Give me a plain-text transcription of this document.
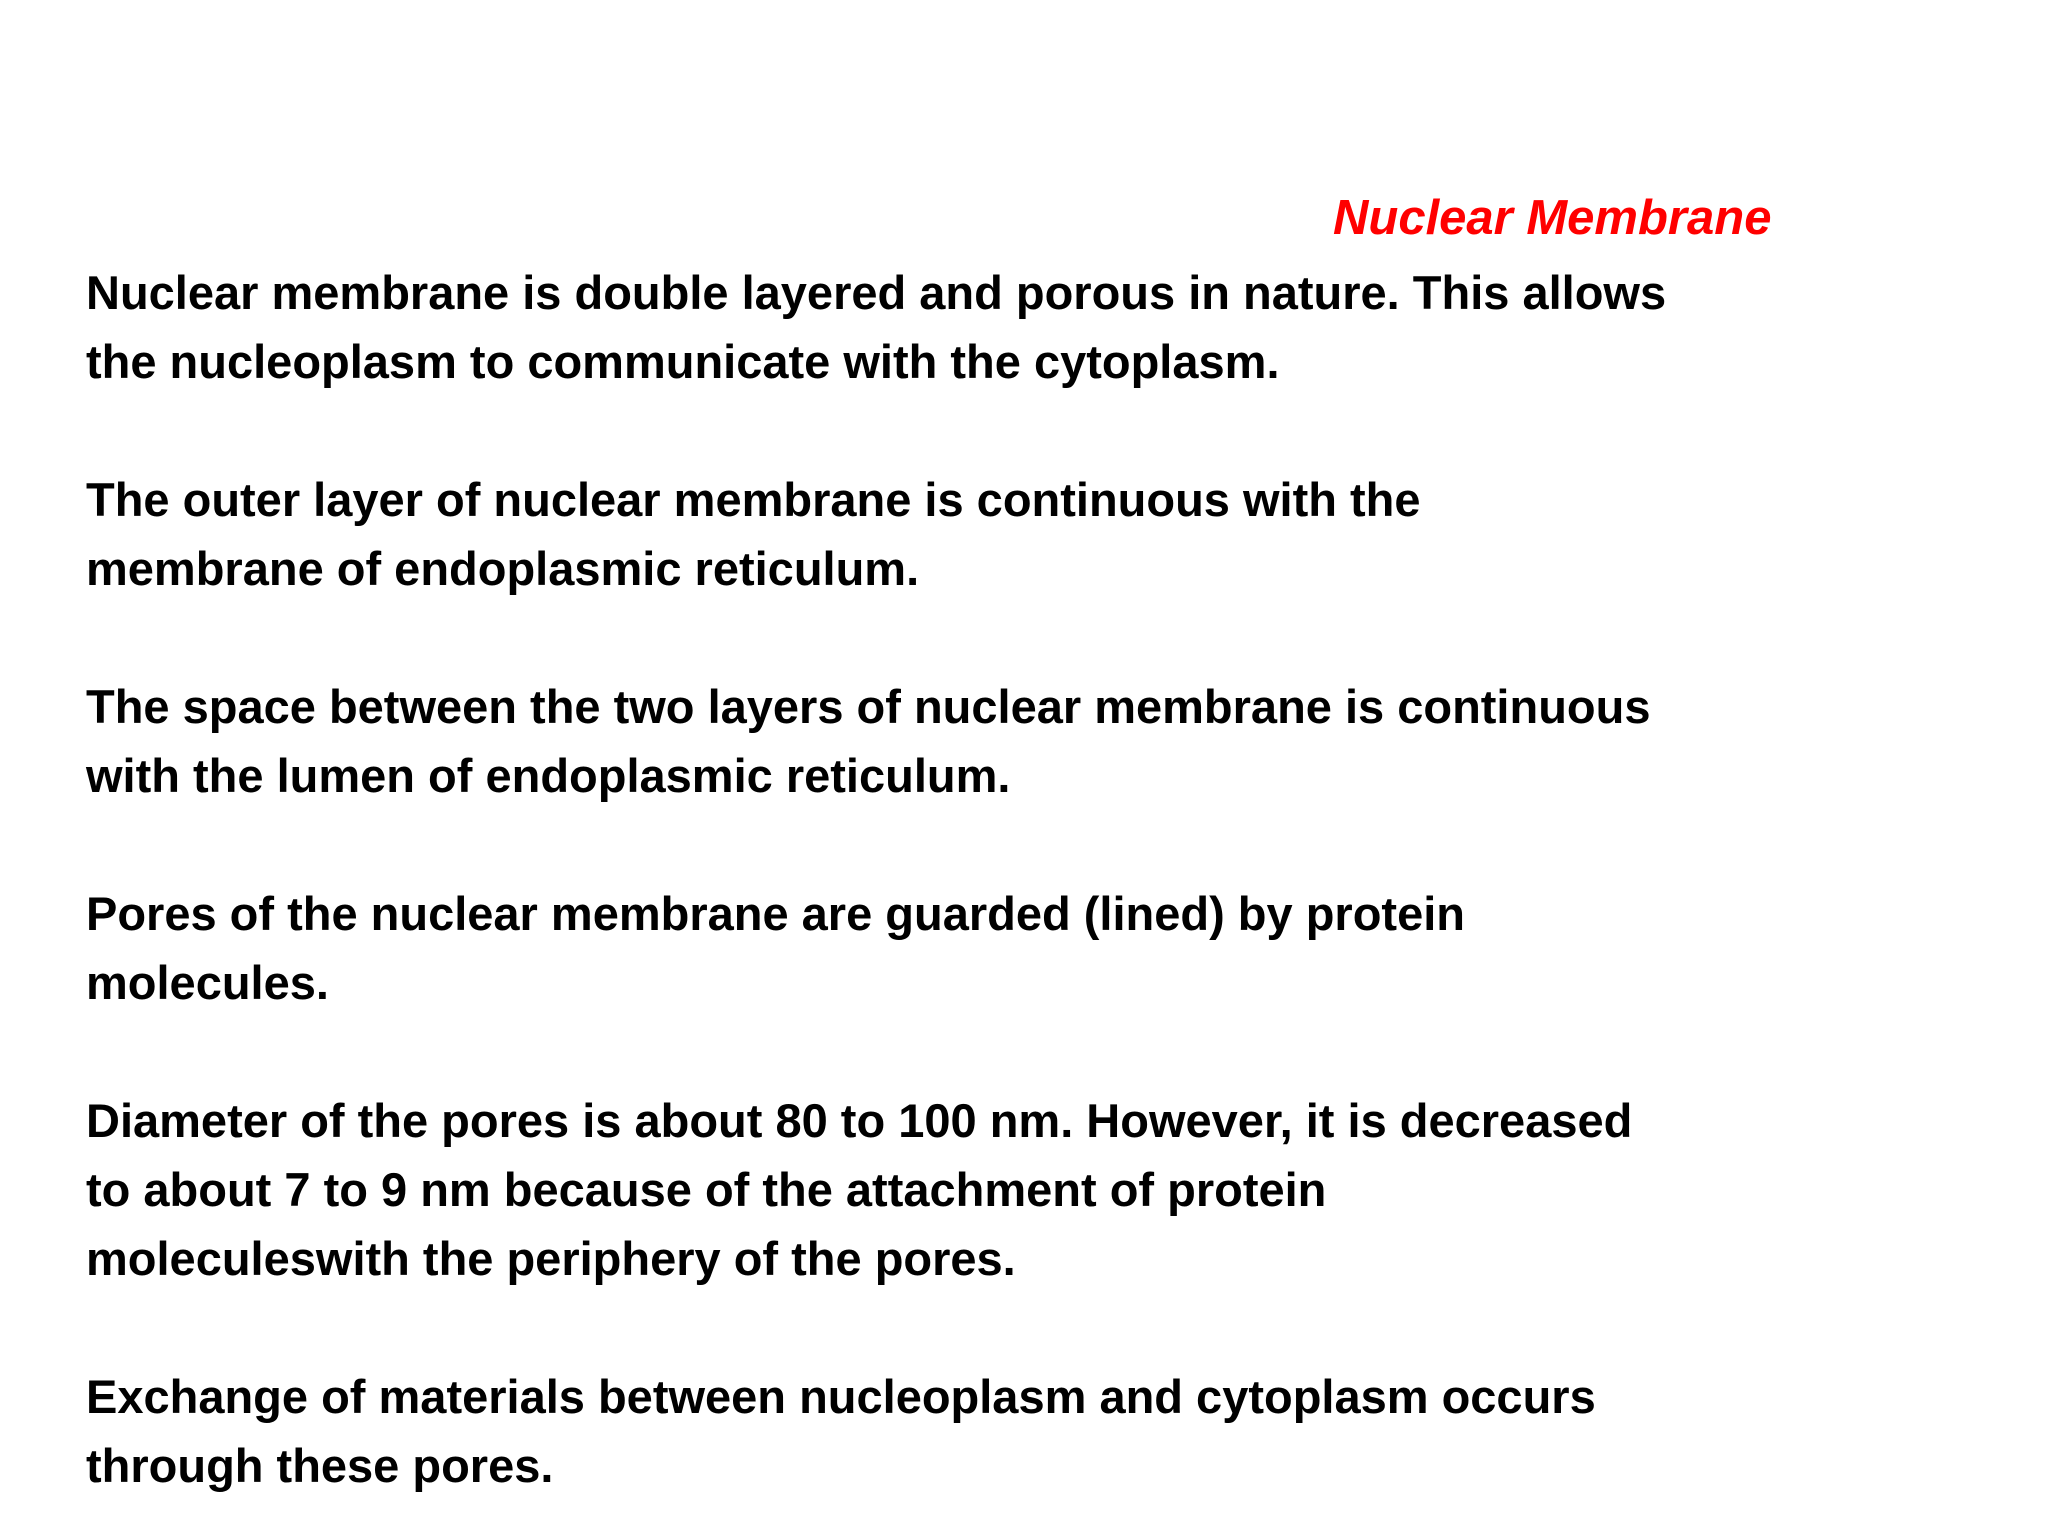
Nuclear Membrane

Nuclear membrane is double layered and porous in nature. This allows
the nucleoplasm to communicate with the cytoplasm.

The outer layer of nuclear membrane is continuous with the
membrane of endoplasmic reticulum.

The space between the two layers of nuclear membrane is continuous
with the lumen of endoplasmic reticulum.

Pores of the nuclear membrane are guarded (lined) by protein
molecules.

Diameter of the pores is about 80 to 100 nm. However, it is decreased
to about 7 to 9 nm because of the attachment of protein
moleculeswith the periphery of the pores.

Exchange of materials between nucleoplasm and cytoplasm occurs
through these pores.
